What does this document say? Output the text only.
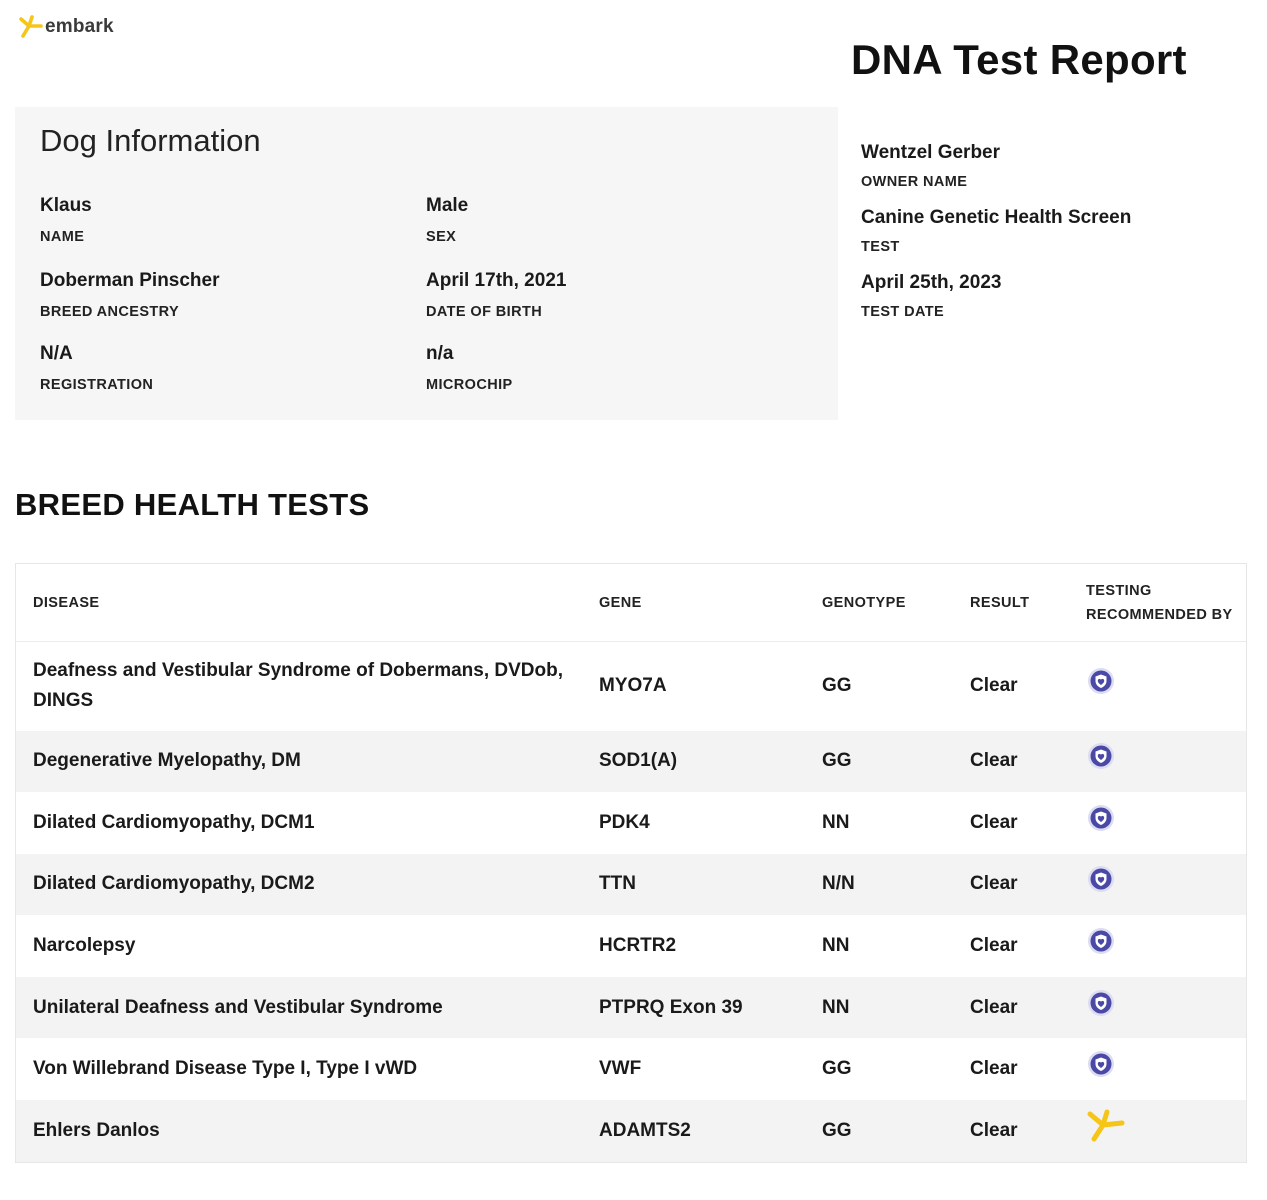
embark
DNA Test Report
Dog Information
Klaus
NAME
Male
SEX
Doberman Pinscher
BREED ANCESTRY
April 17th, 2021
DATE OF BIRTH
N/A
REGISTRATION
n/a
MICROCHIP
Wentzel Gerber
OWNER NAME
Canine Genetic Health Screen
TEST
April 25th, 2023
TEST DATE
BREED HEALTH TESTS
DISEASE	GENE	GENOTYPE	RESULT	TESTING RECOMMENDED BY
Deafness and Vestibular Syndrome of Dobermans, DVDob, DINGS	MYO7A	GG	Clear	
Degenerative Myelopathy, DM	SOD1(A)	GG	Clear	
Dilated Cardiomyopathy, DCM1	PDK4	NN	Clear	
Dilated Cardiomyopathy, DCM2	TTN	N/N	Clear	
Narcolepsy	HCRTR2	NN	Clear	
Unilateral Deafness and Vestibular Syndrome	PTPRQ Exon 39	NN	Clear	
Von Willebrand Disease Type I, Type I vWD	VWF	GG	Clear	
Ehlers Danlos	ADAMTS2	GG	Clear	
